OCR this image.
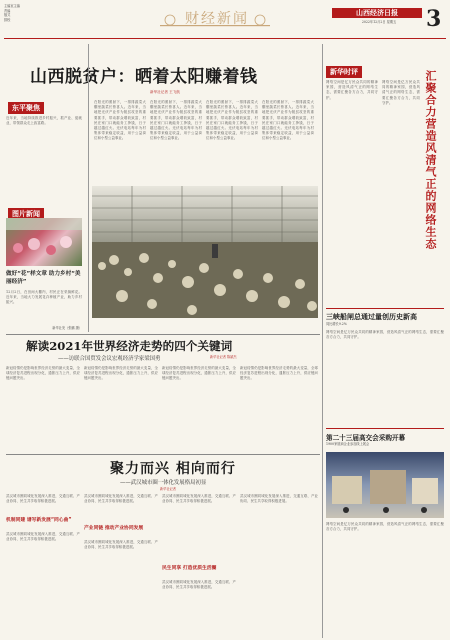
主编室主编
责编
版式
排校	财经新闻	山西经济日报
2022年12月2日 星期五	3
东平聚焦
近年来，当地持续推进乡村振兴，抓产业、促就业，带领群众走上致富路。
图片新闻
做好“花”样文章 助力乡村“美丽经济”
12月2日，在田间大棚内，村民正在采摘鲜花。近年来，当地大力发展花卉种植产业，助力乡村振兴。
新华社发（张鹏 摄）
山西脱贫户：晒着太阳赚着钱
新华社记者 王飞航
在阳光的照射下，一排排蔬菜大棚里蔬菜长势喜人。近年来，当地把光伏产业作为脱贫攻坚的重要抓手，带动群众增收致富，村民在家门口就能务工挣钱，日子越过越红火。光伏电站每年为村集体带来稳定收益，用于公益岗位和小型公益事业。
在阳光的照射下，一排排蔬菜大棚里蔬菜长势喜人。近年来，当地把光伏产业作为脱贫攻坚的重要抓手，带动群众增收致富，村民在家门口就能务工挣钱，日子越过越红火。光伏电站每年为村集体带来稳定收益，用于公益岗位和小型公益事业。
在阳光的照射下，一排排蔬菜大棚里蔬菜长势喜人。近年来，当地把光伏产业作为脱贫攻坚的重要抓手，带动群众增收致富，村民在家门口就能务工挣钱，日子越过越红火。光伏电站每年为村集体带来稳定收益，用于公益岗位和小型公益事业。
在阳光的照射下，一排排蔬菜大棚里蔬菜长势喜人。近年来，当地把光伏产业作为脱贫攻坚的重要抓手，带动群众增收致富，村民在家门口就能务工挣钱，日子越过越红火。光伏电站每年为村集体带来稳定收益，用于公益岗位和小型公益事业。
新华时评
网络空间是亿万民众共同的精神家园，营造风清气正的网络生态，需要汇聚各方合力，共同守护。
网络空间是亿万民众共同的精神家园，营造风清气正的网络生态，需要汇聚各方合力，共同守护。	汇聚合力营造风清气正的网络生态
三峡船闸总通过量创历史新高
同比增长9.2%
网络空间是亿万民众共同的精神家园，营造风清气正的网络生态，需要汇聚各方合力，共同守护。
第二十三届高交会采购开幕
1900家展商企业参加线上展会
网络空间是亿万民众共同的精神家园，营造风清气正的网络生态，需要汇聚各方合力，共同守护。
解读2021年世界经济走势的四个关键词
——访联合国贸发会议宏观经济学家梁国勇	新华社记者 陈斌杰
新冠疫情仍是影响世界经济走势的最大变量，全球经济复苏进程出现分化，通胀压力上升，供应链问题突出。
新冠疫情仍是影响世界经济走势的最大变量，全球经济复苏进程出现分化，通胀压力上升，供应链问题突出。
新冠疫情仍是影响世界经济走势的最大变量，全球经济复苏进程出现分化，通胀压力上升，供应链问题突出。
新冠疫情仍是影响世界经济走势的最大变量，全球经济复苏进程出现分化，通胀压力上升，供应链问题突出。
聚力而兴 相向而行
——武汉城市圈一体化发展格局初显
新华社记者
武汉城市圈同城化发展深入推进，交通互联、产业协同、民生共享取得积极进展。
机制同建 谱写新发展“同心曲”
武汉城市圈同城化发展深入推进，交通互联、产业协同、民生共享取得积极进展。
武汉城市圈同城化发展深入推进，交通互联、产业协同、民生共享取得积极进展。
产业同链 推动产业协同发展
武汉城市圈同城化发展深入推进，交通互联、产业协同、民生共享取得积极进展。
武汉城市圈同城化发展深入推进，交通互联、产业协同、民生共享取得积极进展。
民生同享 打造优质生活圈
武汉城市圈同城化发展深入推进，交通互联、产业协同、民生共享取得积极进展。
武汉城市圈同城化发展深入推进，交通互联、产业协同、民生共享取得积极进展。
